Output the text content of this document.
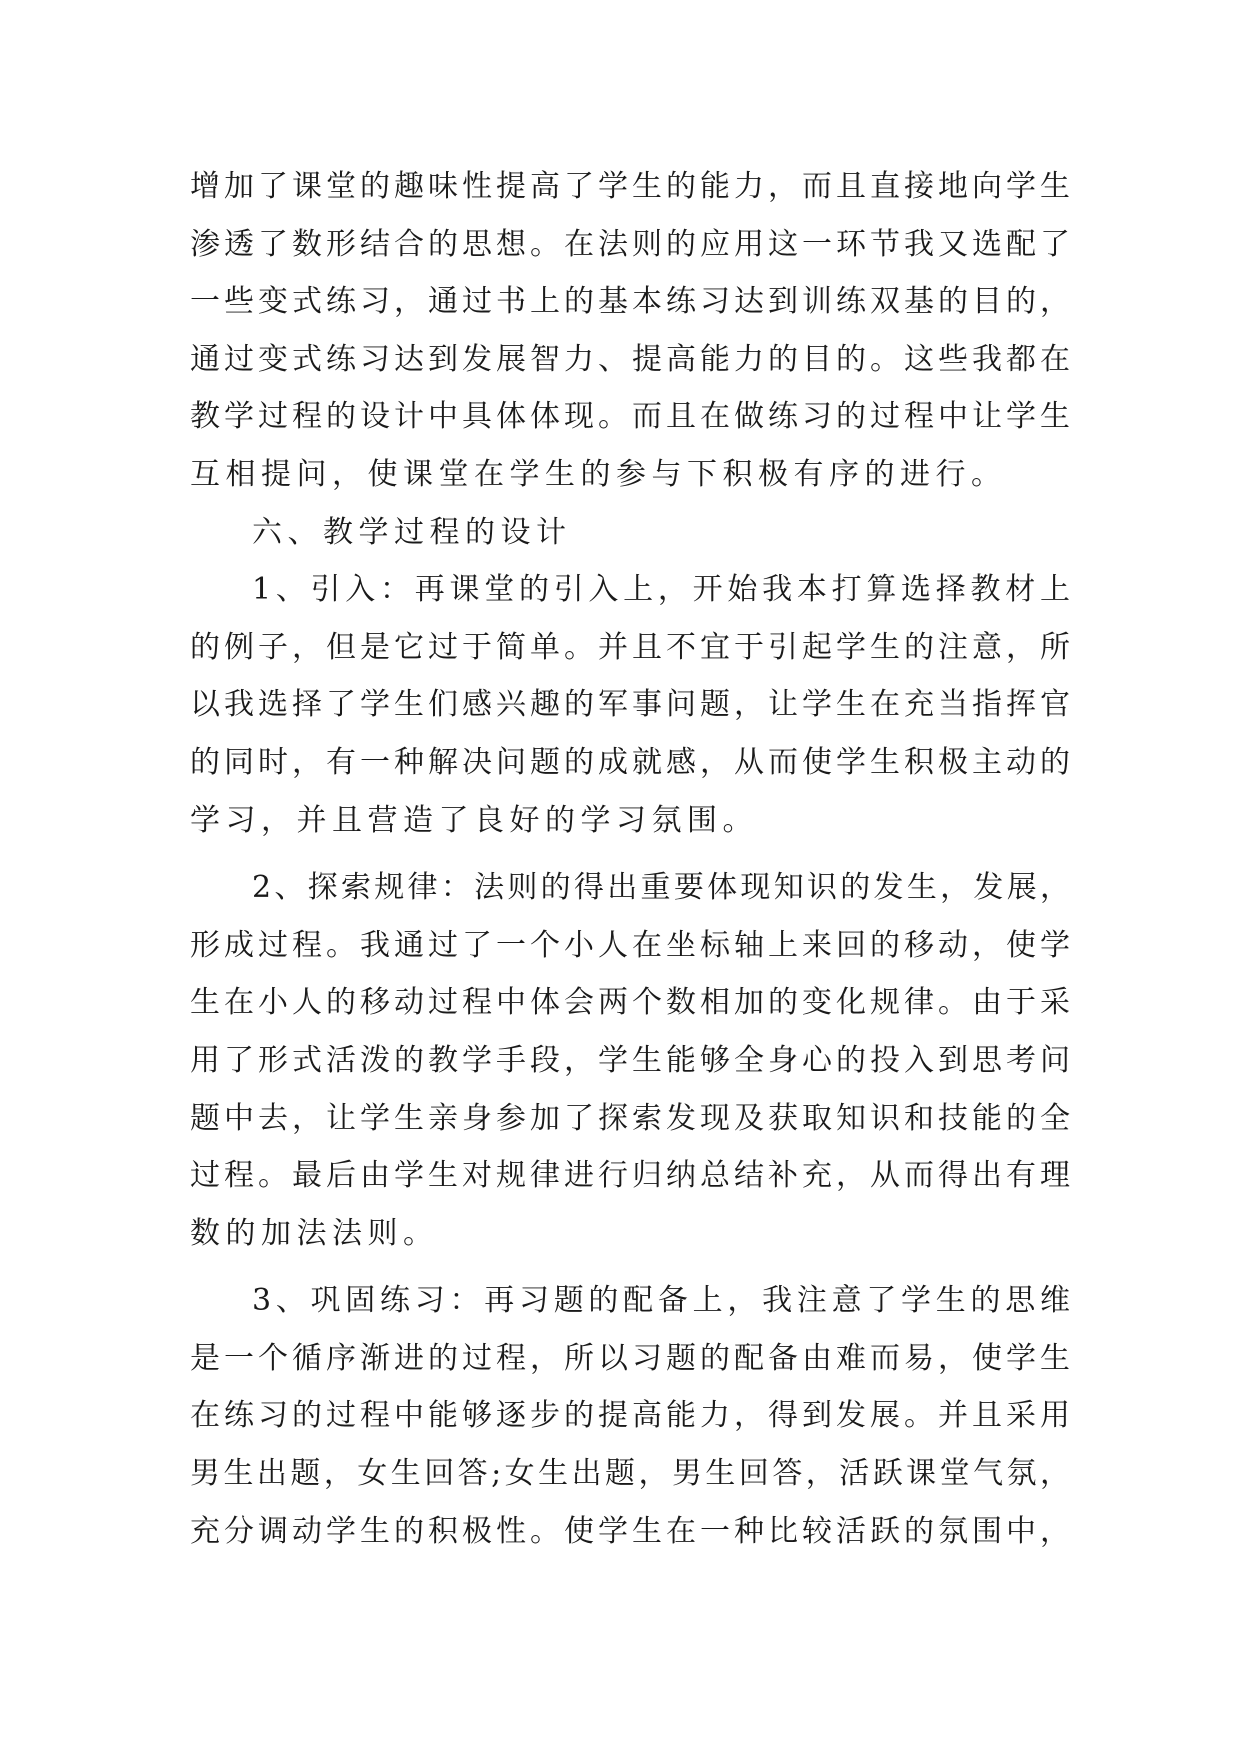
增加了课堂的趣味性提高了学生的能力，而且直接地向学生
渗透了数形结合的思想。在法则的应用这一环节我又选配了
一些变式练习，通过书上的基本练习达到训练双基的目的，
通过变式练习达到发展智力、提高能力的目的。这些我都在
教学过程的设计中具体体现。而且在做练习的过程中让学生
互相提问，使课堂在学生的参与下积极有序的进行。
六、教学过程的设计
1、引入：再课堂的引入上，开始我本打算选择教材上
的例子，但是它过于简单。并且不宜于引起学生的注意，所
以我选择了学生们感兴趣的军事问题，让学生在充当指挥官
的同时，有一种解决问题的成就感，从而使学生积极主动的
学习，并且营造了良好的学习氛围。
2、探索规律：法则的得出重要体现知识的发生，发展，
形成过程。我通过了一个小人在坐标轴上来回的移动，使学
生在小人的移动过程中体会两个数相加的变化规律。由于采
用了形式活泼的教学手段，学生能够全身心的投入到思考问
题中去，让学生亲身参加了探索发现及获取知识和技能的全
过程。最后由学生对规律进行归纳总结补充，从而得出有理
数的加法法则。
3、巩固练习：再习题的配备上，我注意了学生的思维
是一个循序渐进的过程，所以习题的配备由难而易，使学生
在练习的过程中能够逐步的提高能力，得到发展。并且采用
男生出题，女生回答;女生出题，男生回答，活跃课堂气氛，
充分调动学生的积极性。使学生在一种比较活跃的氛围中，
